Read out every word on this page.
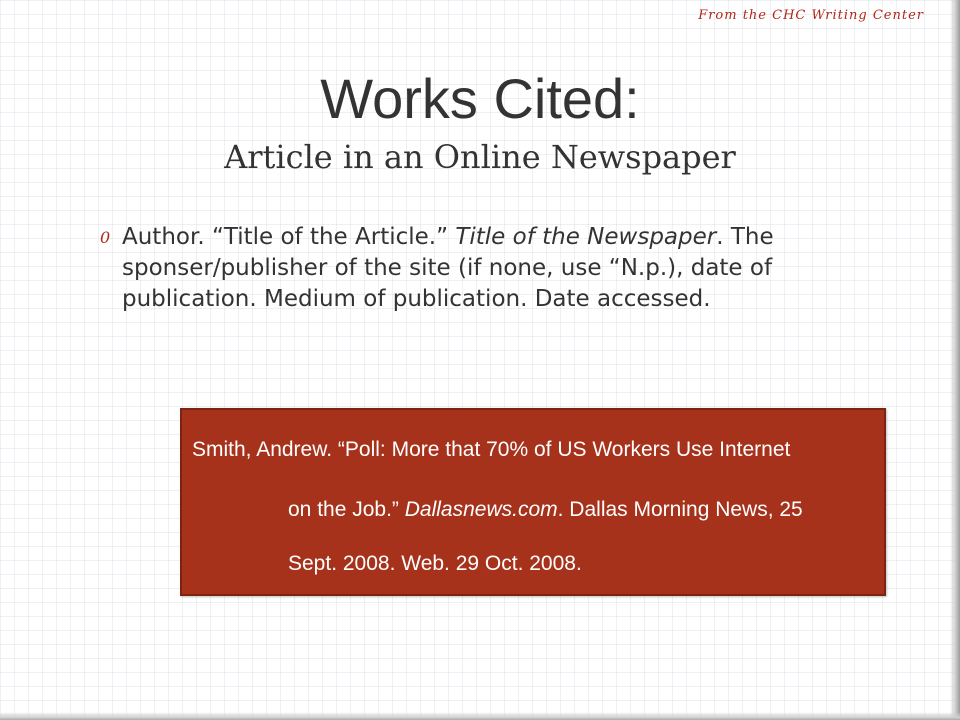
From the CHC Writing Center
Works Cited:
Article in an Online Newspaper
0 Author. “Title of the Article.” Title of the Newspaper. The sponser/publisher of the site (if none, use “N.p.), date of publication. Medium of publication. Date accessed.
Smith, Andrew. “Poll: More that 70% of US Workers Use Internet
on the Job.” Dallasnews.com. Dallas Morning News, 25
Sept. 2008. Web. 29 Oct. 2008.
